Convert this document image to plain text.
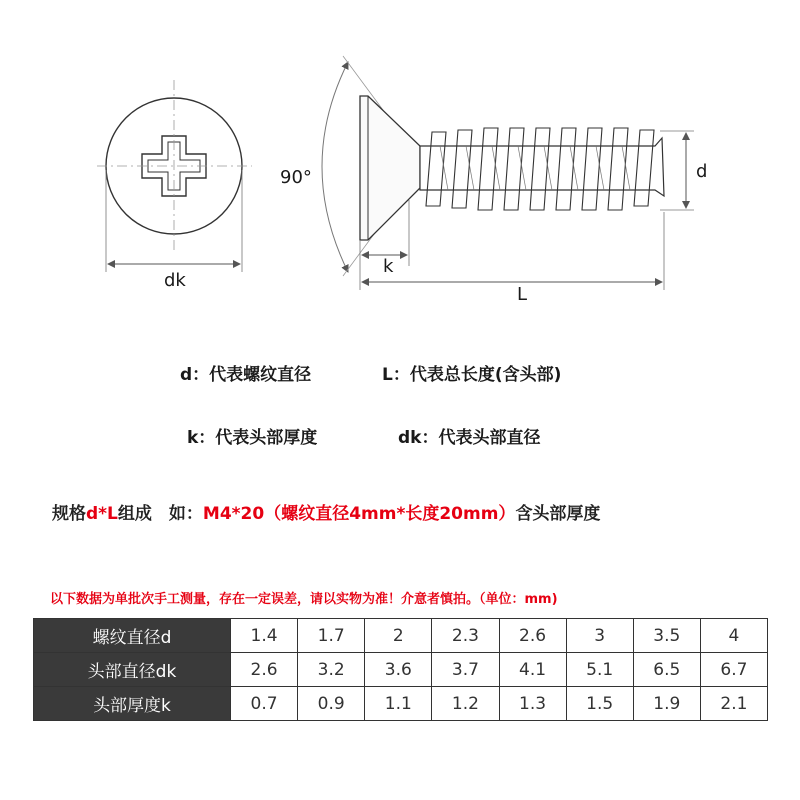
dk
90°	d
k
L
d：代表螺纹直径	L：代表总长度(含头部)
k：代表头部厚度	dk：代表头部直径
规格d*L组成　如：M4*20（螺纹直径4mm*长度20mm）含头部厚度
以下数据为单批次手工测量，存在一定误差，请以实物为准！介意者慎拍。（单位：mm)
螺纹直径d	1.4	1.7	2	2.3	2.6	3	3.5	4
头部直径dk	2.6	3.2	3.6	3.7	4.1	5.1	6.5	6.7
头部厚度k	0.7	0.9	1.1	1.2	1.3	1.5	1.9	2.1
